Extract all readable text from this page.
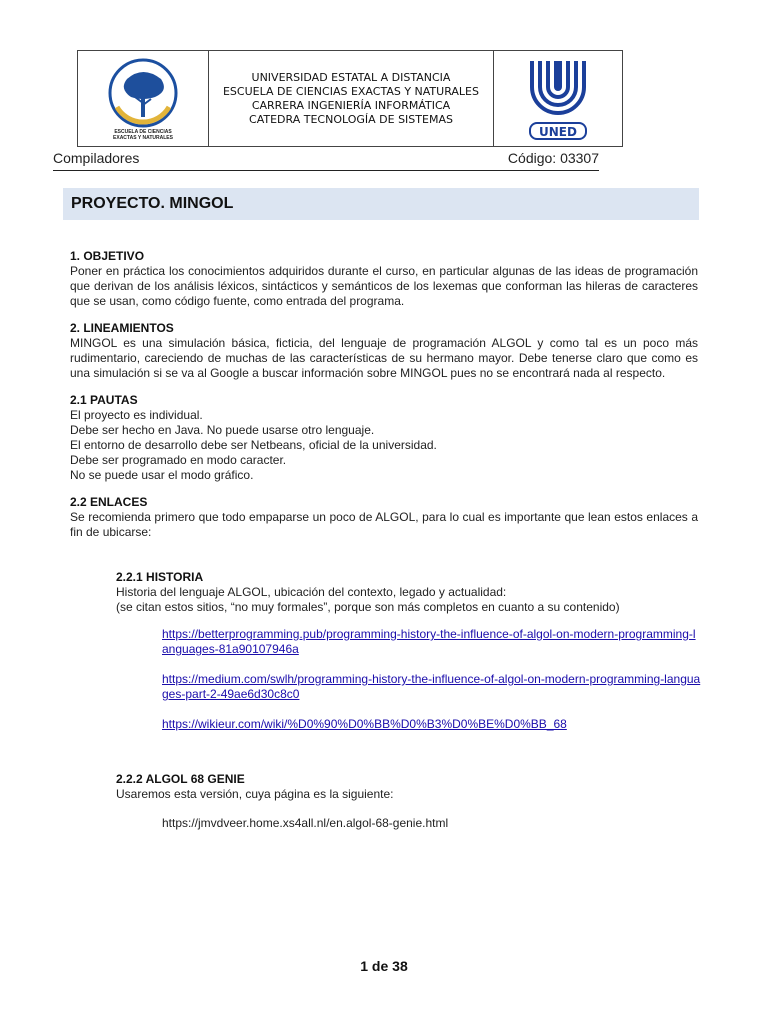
ESCUELA DE CIENCIAS EXACTAS Y NATURALES
UNIVERSIDAD ESTATAL A DISTANCIA
ESCUELA DE CIENCIAS EXACTAS Y NATURALES
CARRERA INGENIERÍA INFORMÁTICA
CATEDRA TECNOLOGÍA DE SISTEMAS
UNED
Compiladores	Código: 03307
PROYECTO. MINGOL
1. OBJETIVO

Poner en práctica los conocimientos adquiridos durante el curso, en particular algunas de las ideas de programación que derivan de los análisis léxicos, sintácticos y semánticos de los lexemas que conforman las hileras de caracteres que se usan, como código fuente, como entrada del programa.

2. LINEAMIENTOS

MINGOL es una simulación básica, ficticia, del lenguaje de programación ALGOL y como tal es un poco más rudimentario, careciendo de muchas de las características de su hermano mayor. Debe tenerse claro que como es una simulación si se va al Google a buscar información sobre MINGOL pues no se encontrará nada al respecto.

2.1 PAUTAS
El proyecto es individual.
Debe ser hecho en Java. No puede usarse otro lenguaje.
El entorno de desarrollo debe ser Netbeans, oficial de la universidad.
Debe ser programado en modo caracter.
No se puede usar el modo gráfico.
2.2 ENLACES

Se recomienda primero que todo empaparse un poco de ALGOL, para lo cual es importante que lean estos enlaces a fin de ubicarse:

2.2.1 HISTORIA
Historia del lenguaje ALGOL, ubicación del contexto, legado y actualidad:
(se citan estos sitios, “no muy formales”, porque son más completos en cuanto a su contenido)
https://betterprogramming.pub/programming-history-the-influence-of-algol-on-modern-programming-languages-81a90107946a
https://medium.com/swlh/programming-history-the-influence-of-algol-on-modern-programming-languages-part-2-49ae6d30c8c0
https://wikieur.com/wiki/%D0%90%D0%BB%D0%B3%D0%BE%D0%BB_68
2.2.2 ALGOL 68 GENIE
Usaremos esta versión, cuya página es la siguiente:
https://jmvdveer.home.xs4all.nl/en.algol-68-genie.html
1 de 38
